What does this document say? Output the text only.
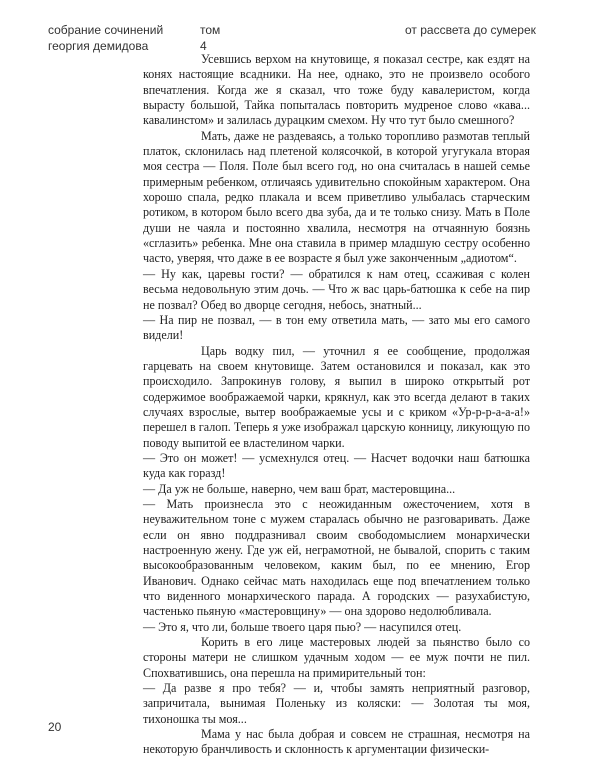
собрание сочинений
георгия демидова
том
4
от рассвета до сумерек

Усевшись верхом на кнутовище, я показал сестре, как ездят на конях настоящие всадники. На нее, однако, это не произвело особого впечатления. Когда же я сказал, что тоже буду кавалеристом, когда вырасту большой, Тайка попыталась повторить мудреное слово «кава... кавалинстом» и залилась дурацким смехом. Ну что тут было смешного?

Мать, даже не раздеваясь, а только торопливо размотав теплый платок, склонилась над плетеной колясочкой, в которой угугукала вторая моя сестра — Поля. Поле был всего год, но она считалась в нашей семье примерным ребенком, отличаясь удивительно спокойным характером. Она хорошо спала, редко плакала и всем приветливо улыбалась старческим ротиком, в котором было всего два зуба, да и те только снизу. Мать в Поле души не чаяла и постоянно хвалила, несмотря на отчаянную боязнь «сглазить» ребенка. Мне она ставила в пример младшую сестру особенно часто, уверяя, что даже в ее возрасте я был уже законченным „адиотом“.

— Ну как, царевы гости? — обратился к нам отец, ссаживая с колен весьма недовольную этим дочь. — Что ж вас царь-батюшка к себе на пир не позвал? Обед во дворце сегодня, небось, знатный...

— На пир не позвал, — в тон ему ответила мать, — зато мы его самого видели!

Царь водку пил, — уточнил я ее сообщение, продолжая гарцевать на своем кнутовище. Затем остановился и показал, как это происходило. Запрокинув голову, я выпил в широко открытый рот содержимое воображаемой чарки, крякнул, как это всегда делают в таких случаях взрослые, вытер воображаемые усы и с криком «Ур-р-р-а-а-а!» перешел в галоп. Теперь я уже изображал царскую конницу, ликующую по поводу выпитой ее властелином чарки.

— Это он может! — усмехнулся отец. — Насчет водочки наш батюшка куда как горазд!

— Да уж не больше, наверно, чем ваш брат, мастеровщина...

— Мать произнесла это с неожиданным ожесточением, хотя в неуважительном тоне с мужем старалась обычно не разговаривать. Даже если он явно поддразнивал своим свободомыслием монархически настроенную жену. Где уж ей, неграмотной, не бывалой, спорить с таким высокообразованным человеком, каким был, по ее мнению, Егор Иванович. Однако сейчас мать находилась еще под впечатлением только что виденного монархического парада. А городских — разухабистую, частенько пьяную «мастеровщину» — она здорово недолюбливала.

— Это я, что ли, больше твоего царя пью? — насупился отец.

Корить в его лице мастеровых людей за пьянство было со стороны матери не слишком удачным ходом — ее муж почти не пил. Спохватившись, она перешла на примирительный тон:

— Да разве я про тебя? — и, чтобы замять неприятный разговор, запричитала, вынимая Поленьку из коляски: — Золотая ты моя, тихоношка ты моя...

Мама у нас была добрая и совсем не страшная, несмотря на некоторую бранчливость и склонность к аргументации физически-

20
